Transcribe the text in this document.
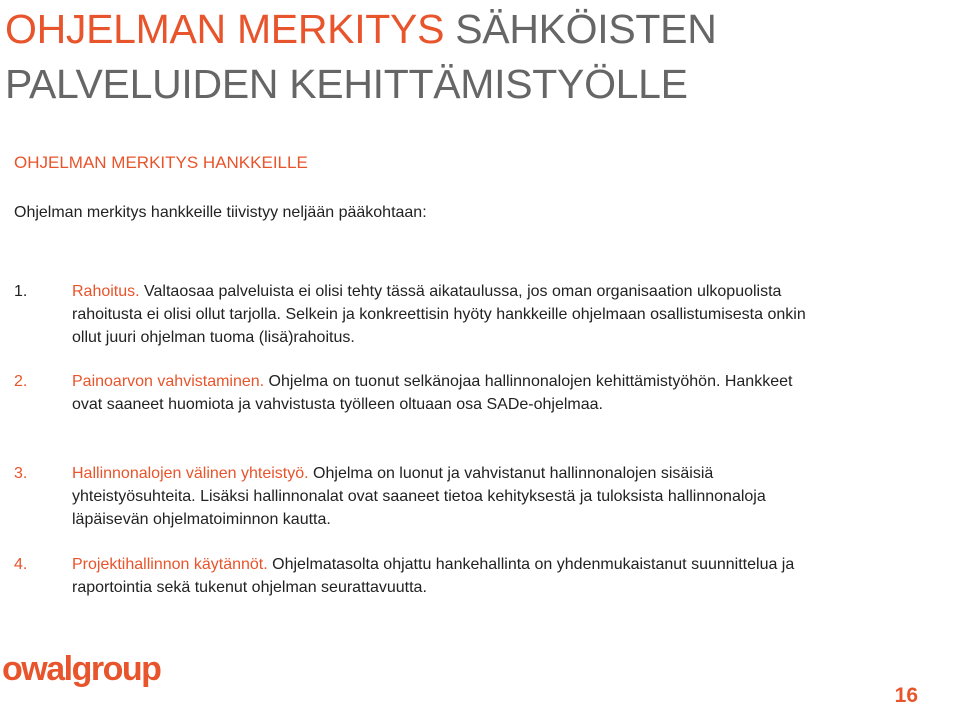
OHJELMAN MERKITYS SÄHKÖISTEN PALVELUIDEN KEHITTÄMISTYÖLLE
OHJELMAN MERKITYS HANKKEILLE
Ohjelman merkitys hankkeille tiivistyy neljään pääkohtaan:
1.	Rahoitus. Valtaosaa palveluista ei olisi tehty tässä aikataulussa, jos oman organisaation ulkopuolista rahoitusta ei olisi ollut tarjolla. Selkein ja konkreettisin hyöty hankkeille ohjelmaan osallistumisesta onkin ollut juuri ohjelman tuoma (lisä)rahoitus.
2.	Painoarvon vahvistaminen. Ohjelma on tuonut selkänojaa hallinnonalojen kehittämistyöhön. Hankkeet ovat saaneet huomiota ja vahvistusta työlleen oltuaan osa SADe-ohjelmaa.
3.	Hallinnonalojen välinen yhteistyö. Ohjelma on luonut ja vahvistanut hallinnonalojen sisäisiä yhteistyösuhteita. Lisäksi hallinnonalat ovat saaneet tietoa kehityksestä ja tuloksista hallinnonaloja läpäisevän ohjelmatoiminnon kautta.
4.	Projektihallinnon käytännöt. Ohjelmatasolta ohjattu hankehallinta on yhdenmukaistanut suunnittelua ja raportointia sekä tukenut ohjelman seurattavuutta.
owalgroup
16
